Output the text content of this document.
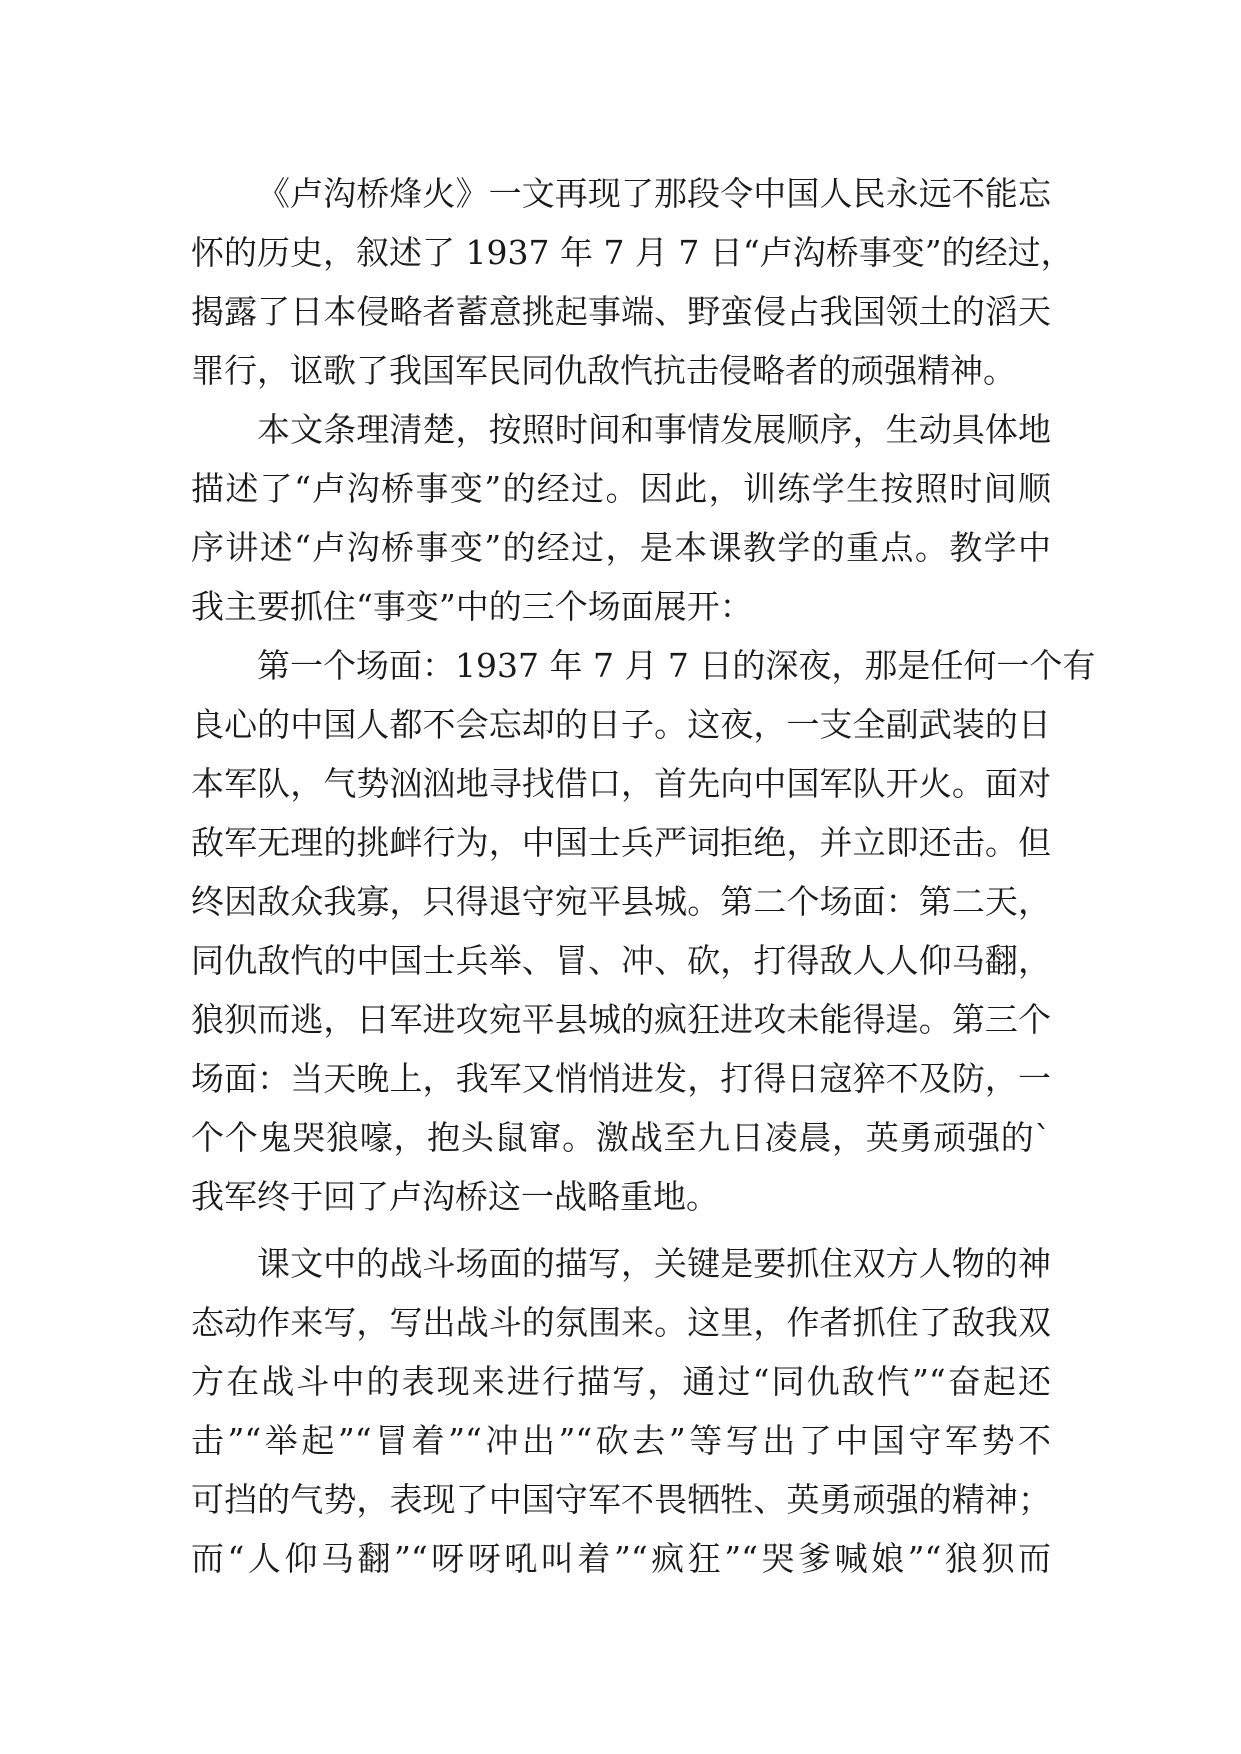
《卢沟桥烽火》一文再现了那段令中国人民永远不能忘
怀的历史，叙述了 1937 年 7 月 7 日“卢沟桥事变”的经过，
揭露了日本侵略者蓄意挑起事端、野蛮侵占我国领土的滔天
罪行，讴歌了我国军民同仇敌忾抗击侵略者的顽强精神。
本文条理清楚，按照时间和事情发展顺序，生动具体地
描述了“卢沟桥事变”的经过。因此，训练学生按照时间顺
序讲述“卢沟桥事变”的经过，是本课教学的重点。教学中
我主要抓住“事变”中的三个场面展开：
第一个场面：1937 年 7 月 7 日的深夜，那是任何一个有
良心的中国人都不会忘却的日子。这夜，一支全副武装的日
本军队，气势汹汹地寻找借口，首先向中国军队开火。面对
敌军无理的挑衅行为，中国士兵严词拒绝，并立即还击。但
终因敌众我寡，只得退守宛平县城。第二个场面：第二天，
同仇敌忾的中国士兵举、冒、冲、砍，打得敌人人仰马翻，
狼狈而逃，日军进攻宛平县城的疯狂进攻未能得逞。第三个
场面：当天晚上，我军又悄悄进发，打得日寇猝不及防，一
个个鬼哭狼嚎，抱头鼠窜。激战至九日凌晨，英勇顽强的`
我军终于回了卢沟桥这一战略重地。
课文中的战斗场面的描写，关键是要抓住双方人物的神
态动作来写，写出战斗的氛围来。这里，作者抓住了敌我双
方在战斗中的表现来进行描写，通过“同仇敌忾”“奋起还
击”“举起”“冒着”“冲出”“砍去”等写出了中国守军势不
可挡的气势，表现了中国守军不畏牺牲、英勇顽强的精神；
而“人仰马翻”“呀呀吼叫着”“疯狂”“哭爹喊娘”“狼狈而
